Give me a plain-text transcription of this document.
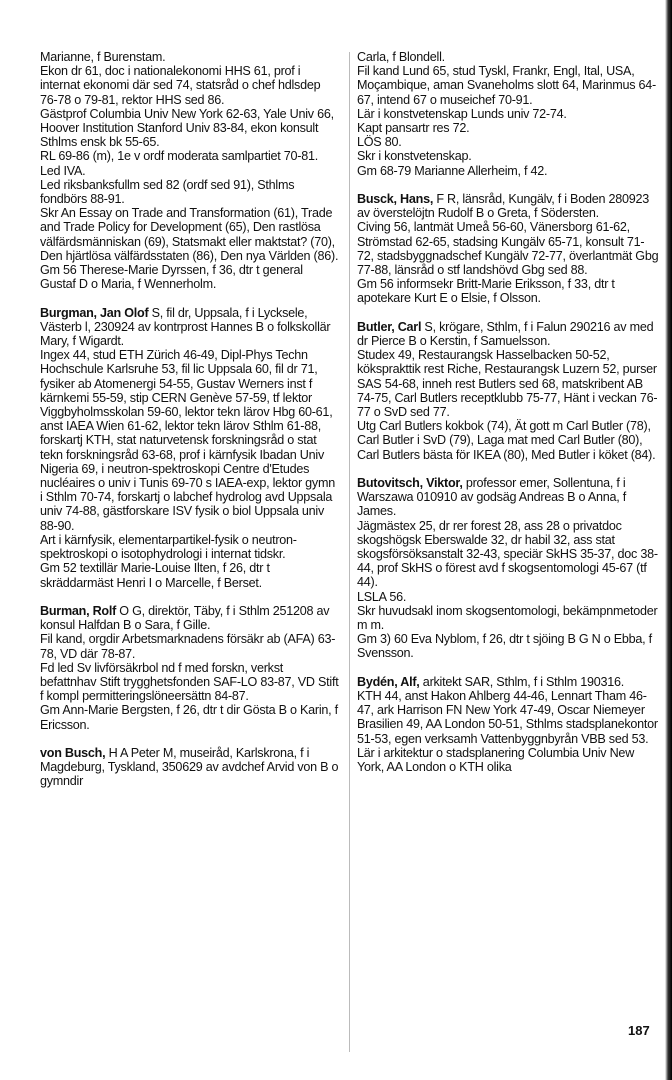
Marianne, f Burenstam.

Ekon dr 61, doc i nationalekonomi HHS 61, prof i internat ekonomi där sed 74, statsråd o chef hdlsdep 76-78 o 79-81, rektor HHS sed 86.

Gästprof Columbia Univ New York 62-63, Yale Univ 66, Hoover Institution Stanford Univ 83-84, ekon konsult Sthlms ensk bk 55-65.

RL 69-86 (m), 1e v ordf moderata samlpartiet 70-81.

Led IVA.

Led riksbanksfullm sed 82 (ordf sed 91), Sthlms fondbörs 88-91.

Skr An Essay on Trade and Transformation (61), Trade and Trade Policy for Development (65), Den rastlösa välfärdsmänniskan (69), Statsmakt eller maktstat? (70), Den hjärtlösa välfärdsstaten (86), Den nya Världen (86).

Gm 56 Therese-Marie Dyrssen, f 36, dtr t general Gustaf D o Maria, f Wennerholm.

Burgman, Jan Olof S, fil dr, Uppsala, f i Lycksele, Västerb l, 230924 av kontrprost Hannes B o folkskollär Mary, f Wigardt.

Ingex 44, stud ETH Zürich 46-49, Dipl-Phys Techn Hochschule Karlsruhe 53, fil lic Uppsala 60, fil dr 71, fysiker ab Atomenergi 54-55, Gustav Werners inst f kärnkemi 55-59, stip CERN Genève 57-59, tf lektor Viggbyholmsskolan 59-60, lektor tekn lärov Hbg 60-61, anst IAEA Wien 61-62, lektor tekn lärov Sthlm 61-88, forskartj KTH, stat naturvetensk forskningsråd o stat tekn forskningsråd 63-68, prof i kärnfysik Ibadan Univ Nigeria 69, i neutron-spektroskopi Centre d'Etudes nucléaires o univ i Tunis 69-70 s IAEA-exp, lektor gymn i Sthlm 70-74, forskartj o labchef hydrolog avd Uppsala univ 74-88, gästforskare ISV fysik o biol Uppsala univ 88-90.

Art i kärnfysik, elementarpartikel-fysik o neutron-spektroskopi o isotophydrologi i internat tidskr.

Gm 52 textillär Marie-Louise Ilten, f 26, dtr t skräddarmäst Henri I o Marcelle, f Berset.

Burman, Rolf O G, direktör, Täby, f i Sthlm 251208 av konsul Halfdan B o Sara, f Gille.

Fil kand, orgdir Arbetsmarknadens försäkr ab (AFA) 63-78, VD där 78-87.

Fd led Sv livförsäkrbol nd f med forskn, verkst befattnhav Stift trygghetsfonden SAF-LO 83-87, VD Stift f kompl permitteringslöneersättn 84-87.

Gm Ann-Marie Bergsten, f 26, dtr t dir Gösta B o Karin, f Ericsson.

von Busch, H A Peter M, museiråd, Karlskrona, f i Magdeburg, Tyskland, 350629 av avdchef Arvid von B o gymndir

Carla, f Blondell.

Fil kand Lund 65, stud Tyskl, Frankr, Engl, Ital, USA, Moçambique, aman Svaneholms slott 64, Marinmus 64-67, intend 67 o museichef 70-91.

Lär i konstvetenskap Lunds univ 72-74.

Kapt pansartr res 72.

LÖS 80.

Skr i konstvetenskap.

Gm 68-79 Marianne Allerheim, f 42.

Busck, Hans, F R, länsråd, Kungälv, f i Boden 280923 av överstelöjtn Rudolf B o Greta, f Södersten.

Civing 56, lantmät Umeå 56-60, Vänersborg 61-62, Strömstad 62-65, stadsing Kungälv 65-71, konsult 71-72, stadsbyggnadschef Kungälv 72-77, överlantmät Gbg 77-88, länsråd o stf landshövd Gbg sed 88.

Gm 56 informsekr Britt-Marie Eriksson, f 33, dtr t apotekare Kurt E o Elsie, f Olsson.

Butler, Carl S, krögare, Sthlm, f i Falun 290216 av med dr Pierce B o Kerstin, f Samuelsson.

Studex 49, Restaurangsk Hasselbacken 50-52, köksprakttik rest Riche, Restaurangsk Luzern 52, purser SAS 54-68, inneh rest Butlers sed 68, matskribent AB 74-75, Carl Butlers receptklubb 75-77, Hänt i veckan 76-77 o SvD sed 77.

Utg Carl Butlers kokbok (74), Ät gott m Carl Butler (78), Carl Butler i SvD (79), Laga mat med Carl Butler (80), Carl Butlers bästa för IKEA (80), Med Butler i köket (84).

Butovitsch, Viktor, professor emer, Sollentuna, f i Warszawa 010910 av godsäg Andreas B o Anna, f James.

Jägmästex 25, dr rer forest 28, ass 28 o privatdoc skogshögsk Eberswalde 32, dr habil 32, ass stat skogsförsöksanstalt 32-43, speciär SkHS 35-37, doc 38-44, prof SkHS o förest avd f skogsentomologi 45-67 (tf 44).

LSLA 56.

Skr huvudsakl inom skogsentomologi, bekämpnmetoder m m.

Gm 3) 60 Eva Nyblom, f 26, dtr t sjöing B G N o Ebba, f Svensson.

Bydén, Alf, arkitekt SAR, Sthlm, f i Sthlm 190316.

KTH 44, anst Hakon Ahlberg 44-46, Lennart Tham 46-47, ark Harrison FN New York 47-49, Oscar Niemeyer Brasilien 49, AA London 50-51, Sthlms stadsplanekontor 51-53, egen verksamh Vattenbyggnbyrån VBB sed 53.

Lär i arkitektur o stadsplanering Columbia Univ New York, AA London o KTH olika

187
